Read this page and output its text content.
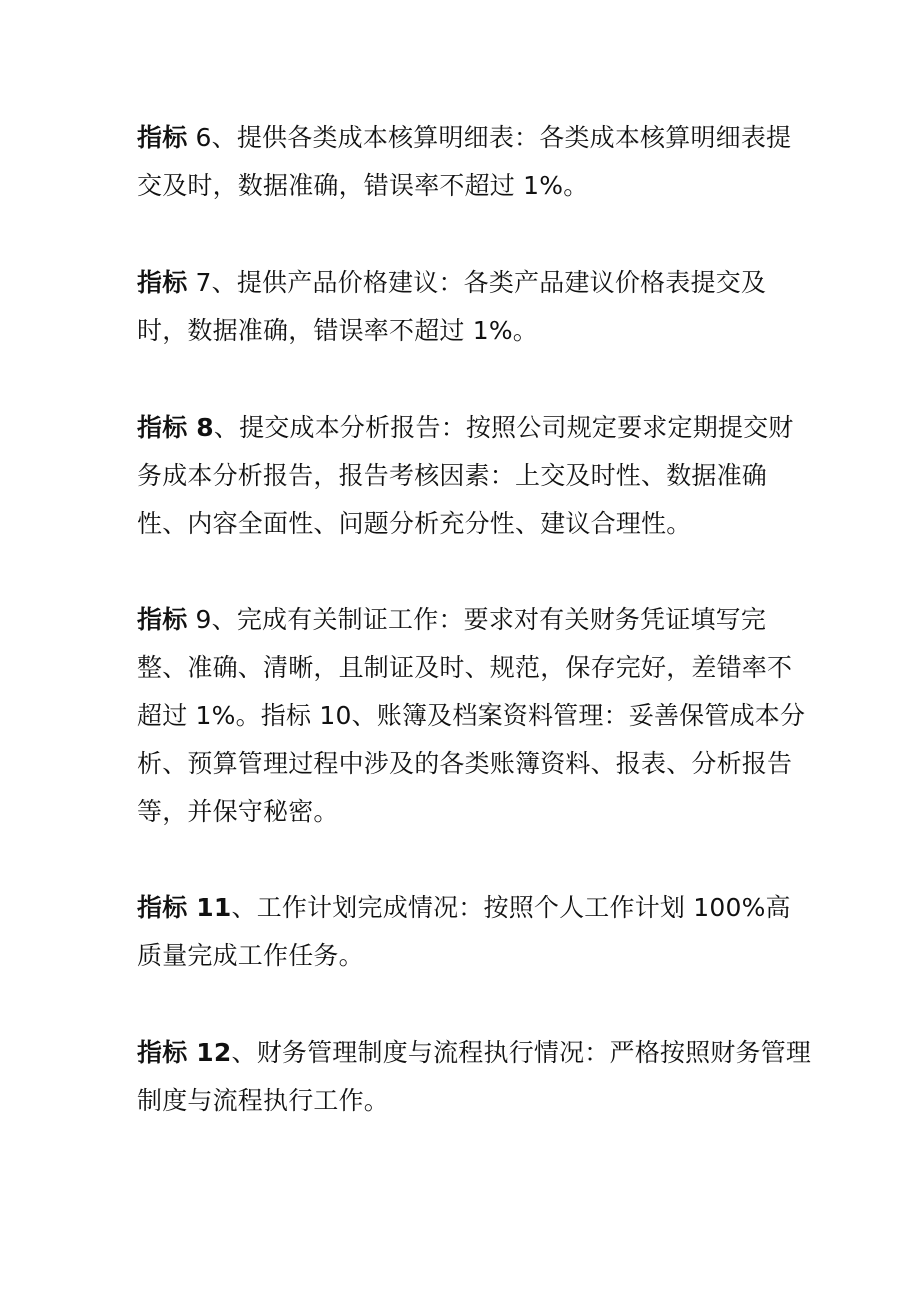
指标 6、提供各类成本核算明细表：各类成本核算明细表提交及时，数据准确，错误率不超过 1%。

指标 7、提供产品价格建议：各类产品建议价格表提交及时，数据准确，错误率不超过 1%。

指标 8、提交成本分析报告：按照公司规定要求定期提交财务成本分析报告，报告考核因素：上交及时性、数据准确性、内容全面性、问题分析充分性、建议合理性。

指标 9、完成有关制证工作：要求对有关财务凭证填写完整、准确、清晰，且制证及时、规范，保存完好，差错率不超过 1%。指标 10、账簿及档案资料管理：妥善保管成本分析、预算管理过程中涉及的各类账簿资料、报表、分析报告等，并保守秘密。

指标 11、工作计划完成情况：按照个人工作计划 100%高质量完成工作任务。

指标 12、财务管理制度与流程执行情况：严格按照财务管理制度与流程执行工作。
